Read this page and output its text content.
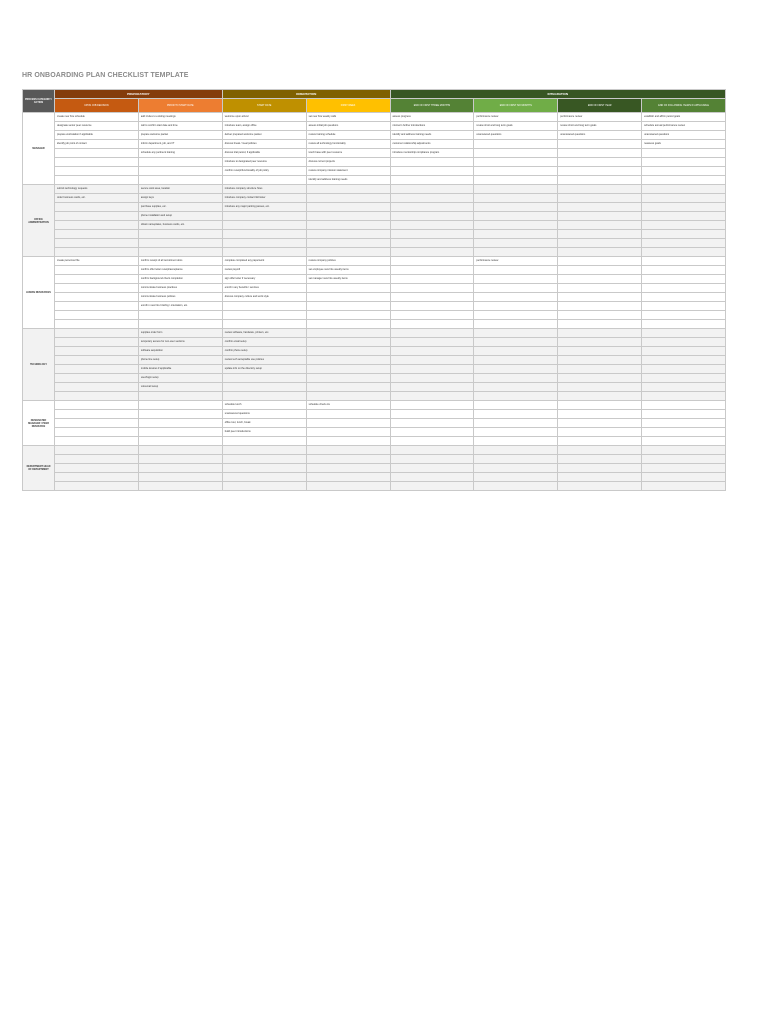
HR ONBOARDING PLAN CHECKLIST TEMPLATE
PROCESS CATEGORY / ACTION	PREPARATORY		ORIENTATION		INTEGRATION			
	UPON JOB DECISION	PRIOR TO START DATE	START DATE	FIRST WEEK	END OF FIRST THREE MONTHS	END OF FIRST SIX MONTHS	END OF FIRST YEAR	END OF FOLLOWING YEARS IF APPLICABLE
MANAGER	create new hire schedule	add invites to existing meetings	welcome upon arrival	set new hire weekly calls	assess progress	performance review	performance review	establish and affirm period goals
	designate senior peer resource	call to confirm start date and time	introduce team, assign office	assess initial job questions	mid-term further introductions	review short and long term goals	review short and long term goals	schedule annual performance review
	prepare workstation if applicable	prepare welcome packet	deliver prepared welcome packet	review training schedule	identify and address training needs	unanswered questions	unanswered questions	unanswered questions
	identify job point of contact	inform department, job, and IT	discuss break / meal policies	review all technology functionality	customer relationship adjustments			reassess goals
		schedule any pertinent training	discuss trial period, if applicable	touch base with peer resource	introduce mentorship compliance program			
			introduce to designated peer resource	discuss current projects				
			confirm receipt/functionality of job policy	review company mission statement				
				identify and address training needs				
OFFICE ADMINISTRATION	submit technology requests	secure work area, location	introduce company structure hires					
	order business cards, etc.	assign keys	introduce company contact list/roster					
		purchase supplies, etc.	introduce any major parking passes, etc.					
		phone installation and setup						
		obtain nameplates, business cards, etc.						

HUMAN RESOURCES	create personnel file	confirm receipt of all recruitment docs	complete completed any paperwork	review company policies		performance review		
		confirm offer letter receipt/acceptance	review payroll	set employee new hire weekly items				
		confirm background check completion	sign offer letter if necessary	set manager new hire weekly items				
		communicate business practices	enroll in any benefits / services					
		communicate business policies	discuss company culture and work style					
		enroll in new hire briefing / orientation, etc.						

TECHNOLOGY		supplies order form	review software, hardware, printers, etc.					
		temporary access for non-user sections	confirm email setup					
		software acquisition	confirm phone setup					
		phone line setup	review tech acceptable use policies					
		mobile devices if applicable	update info on the directory setup					
		user/login setup						
		voicemail setup						

DESIGNATED MANAGER / PEER RESOURCE			schedule lunch	schedule check-ins				
			unanswered questions					
			office tour, lunch, break					
			build peer introductions					

DEPARTMENT HEAD OF DEPARTMENT								
